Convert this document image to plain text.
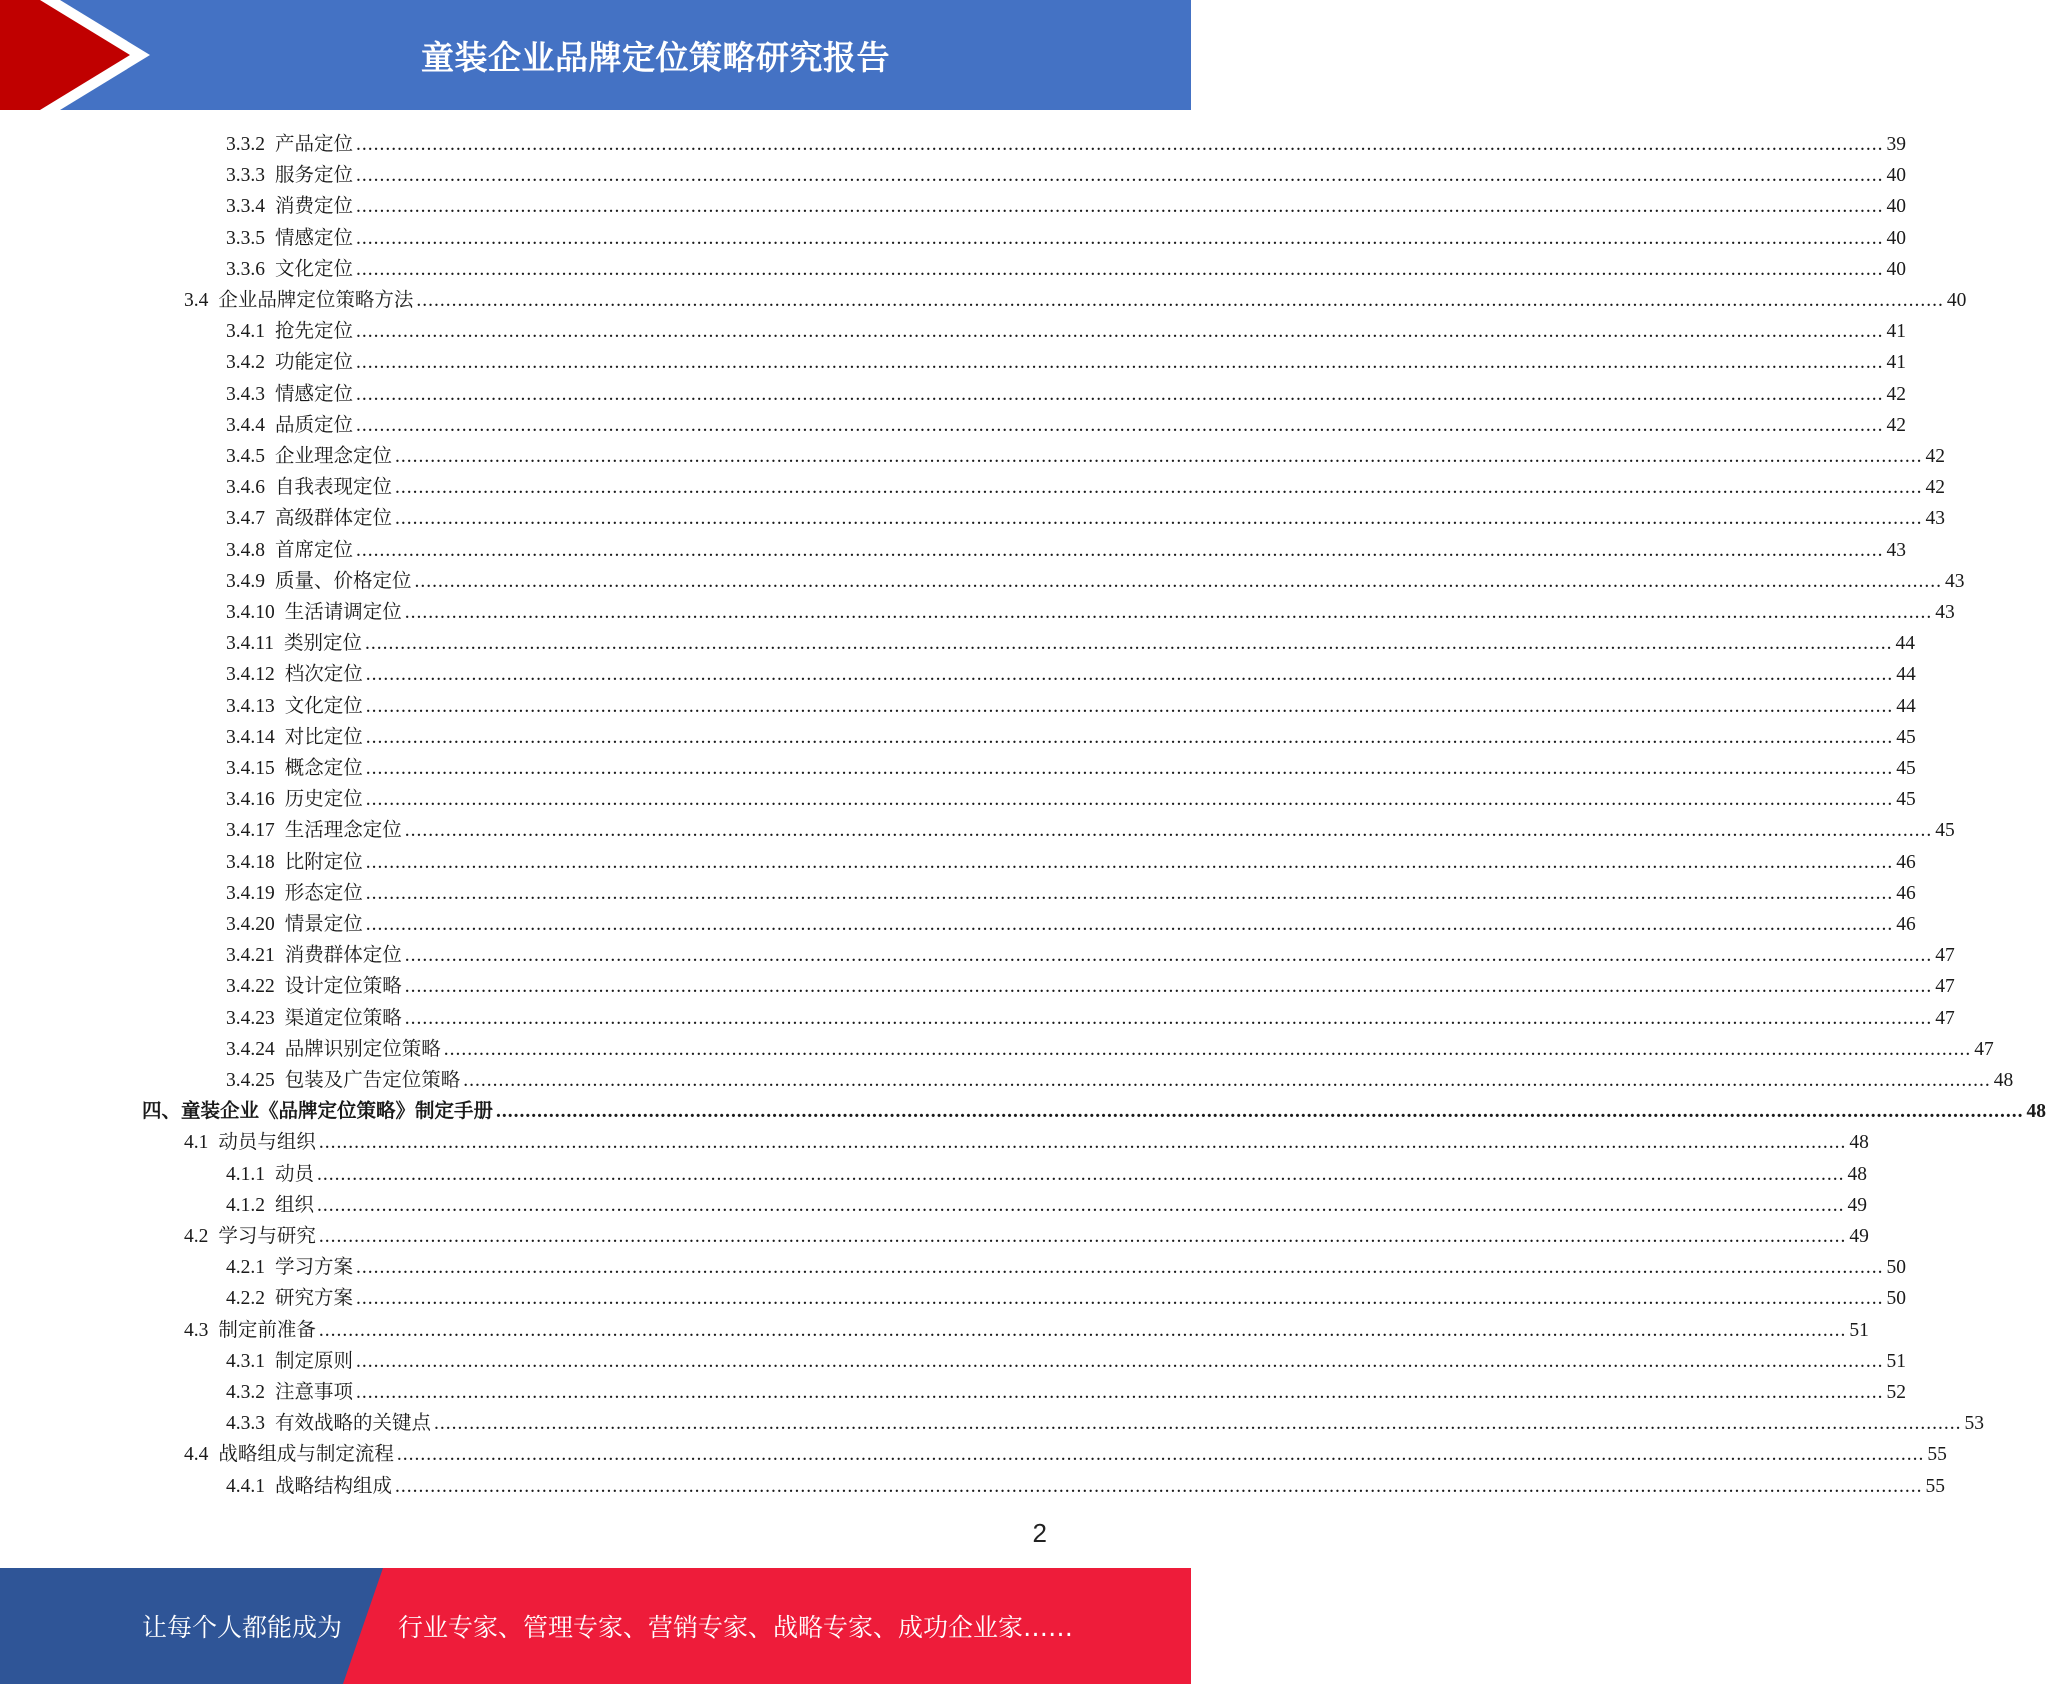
童装企业品牌定位策略研究报告
3.3.2 产品定位 .................................................................................................................................................................................................................................................................... 39
3.3.3 服务定位 .................................................................................................................................................................................................................................................................... 40
3.3.4 消费定位 .................................................................................................................................................................................................................................................................... 40
3.3.5 情感定位 .................................................................................................................................................................................................................................................................... 40
3.3.6 文化定位 .................................................................................................................................................................................................................................................................... 40
3.4 企业品牌定位策略方法 .................................................................................................................................................................................................................................................................... 40
3.4.1 抢先定位 .................................................................................................................................................................................................................................................................... 41
3.4.2 功能定位 .................................................................................................................................................................................................................................................................... 41
3.4.3 情感定位 .................................................................................................................................................................................................................................................................... 42
3.4.4 品质定位 .................................................................................................................................................................................................................................................................... 42
3.4.5 企业理念定位 .................................................................................................................................................................................................................................................................... 42
3.4.6 自我表现定位 .................................................................................................................................................................................................................................................................... 42
3.4.7 高级群体定位 .................................................................................................................................................................................................................................................................... 43
3.4.8 首席定位 .................................................................................................................................................................................................................................................................... 43
3.4.9 质量、价格定位 .................................................................................................................................................................................................................................................................... 43
3.4.10 生活请调定位 .................................................................................................................................................................................................................................................................... 43
3.4.11 类别定位 .................................................................................................................................................................................................................................................................... 44
3.4.12 档次定位 .................................................................................................................................................................................................................................................................... 44
3.4.13 文化定位 .................................................................................................................................................................................................................................................................... 44
3.4.14 对比定位 .................................................................................................................................................................................................................................................................... 45
3.4.15 概念定位 .................................................................................................................................................................................................................................................................... 45
3.4.16 历史定位 .................................................................................................................................................................................................................................................................... 45
3.4.17 生活理念定位 .................................................................................................................................................................................................................................................................... 45
3.4.18 比附定位 .................................................................................................................................................................................................................................................................... 46
3.4.19 形态定位 .................................................................................................................................................................................................................................................................... 46
3.4.20 情景定位 .................................................................................................................................................................................................................................................................... 46
3.4.21 消费群体定位 .................................................................................................................................................................................................................................................................... 47
3.4.22 设计定位策略 .................................................................................................................................................................................................................................................................... 47
3.4.23 渠道定位策略 .................................................................................................................................................................................................................................................................... 47
3.4.24 品牌识别定位策略 .................................................................................................................................................................................................................................................................... 47
3.4.25 包装及广告定位策略 .................................................................................................................................................................................................................................................................... 48
四、童装企业《品牌定位策略》制定手册 .................................................................................................................................................................................................................................................................... 48
4.1 动员与组织 .................................................................................................................................................................................................................................................................... 48
4.1.1 动员 .................................................................................................................................................................................................................................................................... 48
4.1.2 组织 .................................................................................................................................................................................................................................................................... 49
4.2 学习与研究 .................................................................................................................................................................................................................................................................... 49
4.2.1 学习方案 .................................................................................................................................................................................................................................................................... 50
4.2.2 研究方案 .................................................................................................................................................................................................................................................................... 50
4.3 制定前准备 .................................................................................................................................................................................................................................................................... 51
4.3.1 制定原则 .................................................................................................................................................................................................................................................................... 51
4.3.2 注意事项 .................................................................................................................................................................................................................................................................... 52
4.3.3 有效战略的关键点 .................................................................................................................................................................................................................................................................... 53
4.4 战略组成与制定流程 .................................................................................................................................................................................................................................................................... 55
4.4.1 战略结构组成 .................................................................................................................................................................................................................................................................... 55
2
让每个人都能成为 行业专家、管理专家、营销专家、战略专家、成功企业家……
